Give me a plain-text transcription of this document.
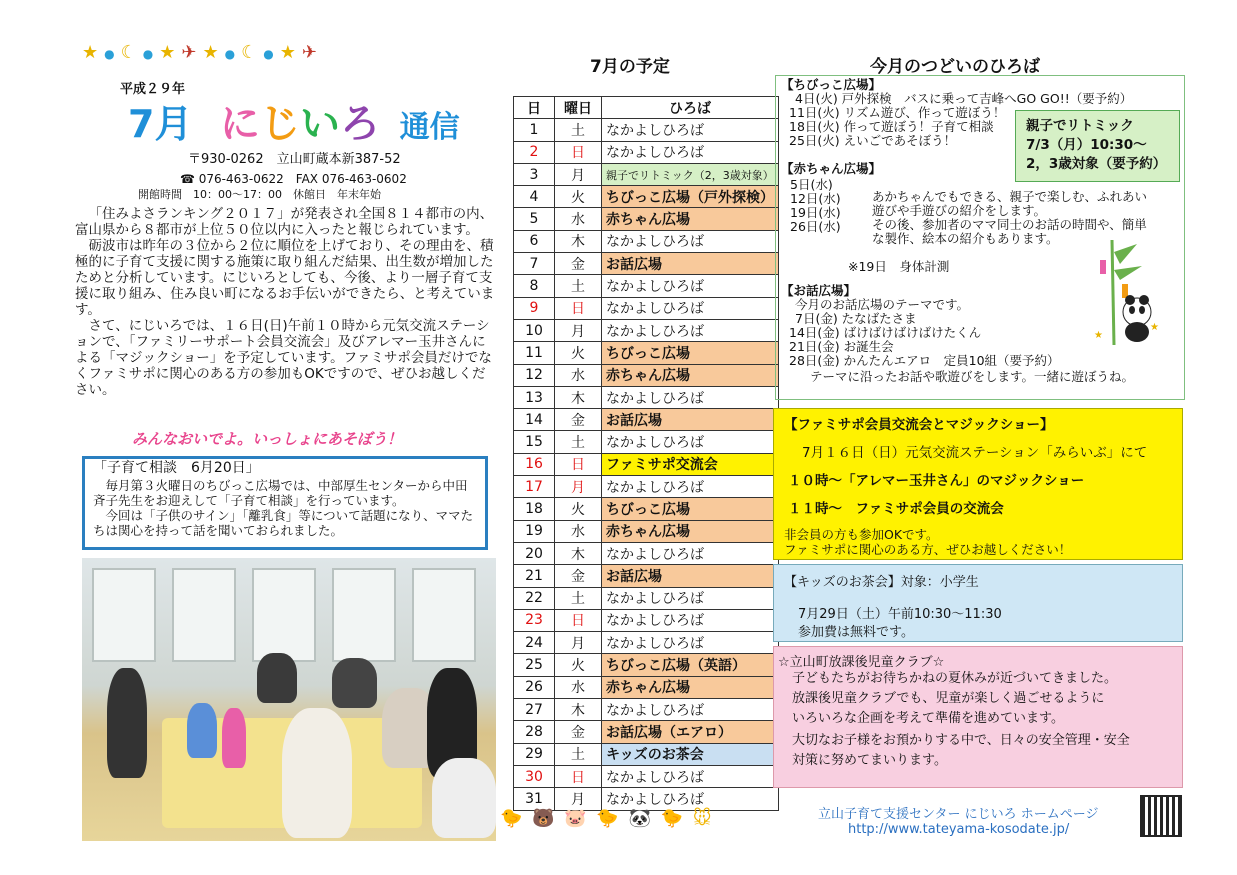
★●☾●★✈★●☾●★✈
平成２９年
7月 にじいろ 通信
〒930-0262　立山町蔵本新387-52
☎ 076-463-0622　FAX 076-463-0602
開館時間　10：00～17：00　休館日　年末年始

「住みよさランキング２０１７」が発表され全国８１４都市の内、富山県から８都市が上位５０位以内に入ったと報じられています。

砺波市は昨年の３位から２位に順位を上げており、その理由を、積極的に子育て支援に関する施策に取り組んだ結果、出生数が増加したためと分析しています。にじいろとしても、今後、より一層子育て支援に取り組み、住み良い町になるお手伝いができたら、と考えています。

さて、にじいろでは、１６日(日)午前１０時から元気交流ステーションで、「ファミリーサポート会員交流会」及びアレマー玉井さんによる「マジックショー」を予定しています。ファミサポ会員だけでなくファミサポに関心のある方の参加もOKですので、ぜひお越しください。

みんなおいでよ。いっしょにあそぼう！
「子育て相談　6月20日」

毎月第３火曜日のちびっこ広場では、中部厚生センターから中田斉子先生をお迎えして「子育て相談」を行っています。

今回は「子供のサイン」「離乳食」等について話題になり、ママたちは関心を持って話を聞いておられました。

7月の予定
日	曜日	ひろば
1	土	なかよしひろば
2	日	なかよしひろば
3	月	親子でリトミック（2，3歳対象）
4	火	ちびっこ広場（戸外探検）
5	水	赤ちゃん広場
6	木	なかよしひろば
7	金	お話広場
8	土	なかよしひろば
9	日	なかよしひろば
10	月	なかよしひろば
11	火	ちびっこ広場
12	水	赤ちゃん広場
13	木	なかよしひろば
14	金	お話広場
15	土	なかよしひろば
16	日	ファミサポ交流会
17	月	なかよしひろば
18	火	ちびっこ広場
19	水	赤ちゃん広場
20	木	なかよしひろば
21	金	お話広場
22	土	なかよしひろば
23	日	なかよしひろば
24	月	なかよしひろば
25	火	ちびっこ広場（英語）
26	水	赤ちゃん広場
27	木	なかよしひろば
28	金	お話広場（エアロ）
29	土	キッズのお茶会
30	日	なかよしひろば
31	月	なかよしひろば
今月のつどいのひろば
【ちびっこ広場】
4日(火) 戸外探検　バスに乗って吉峰へGO GO!!（要予約）
11日(火) リズム遊び、作って遊ぼう！
18日(火) 作って遊ぼう！子育て相談
25日(火) えいごであそぼう！
【赤ちゃん広場】
5日(水)
12日(水)
19日(水)
26日(水)
あかちゃんでもできる、親子で楽しむ、ふれあい
遊びや手遊びの紹介をします。
その後、参加者のママ同士のお話の時間や、簡単
な製作、絵本の紹介もあります。
※19日　身体計測
【お話広場】
今月のお話広場のテーマです。
7日(金) たなばたさま
14日(金) ばけばけばけばけたくん
21日(金) お誕生会
28日(金) かんたんエアロ　定員10組（要予約）
テーマに沿ったお話や歌遊びをします。一緒に遊ぼうね。
親子でリトミック
7/3（月）10:30～
2，3歳対象（要予約）
★
★
【ファミサポ会員交流会とマジックショー】
7月１６日（日）元気交流ステーション「みらいぶ」にて
１０時～「アレマー玉井さん」のマジックショー
１１時～　ファミサポ会員の交流会
非会員の方も参加OKです。
ファミサポに関心のある方、ぜひお越しください！
【キッズのお茶会】対象：小学生
7月29日（土）午前10:30～11:30
参加費は無料です。
☆立山町放課後児童クラブ☆
子どもたちがお待ちかねの夏休みが近づいてきました。
放課後児童クラブでも、児童が楽しく過ごせるように
いろいろな企画を考えて準備を進めています。
大切なお子様をお預かりする中で、日々の安全管理・安全
対策に努めてまいります。
🐤 🐻 🐷 🐤 🐼 🐤 🐭	立山子育て支援センター にじいろ ホームページ
http://www.tateyama-kosodate.jp/
